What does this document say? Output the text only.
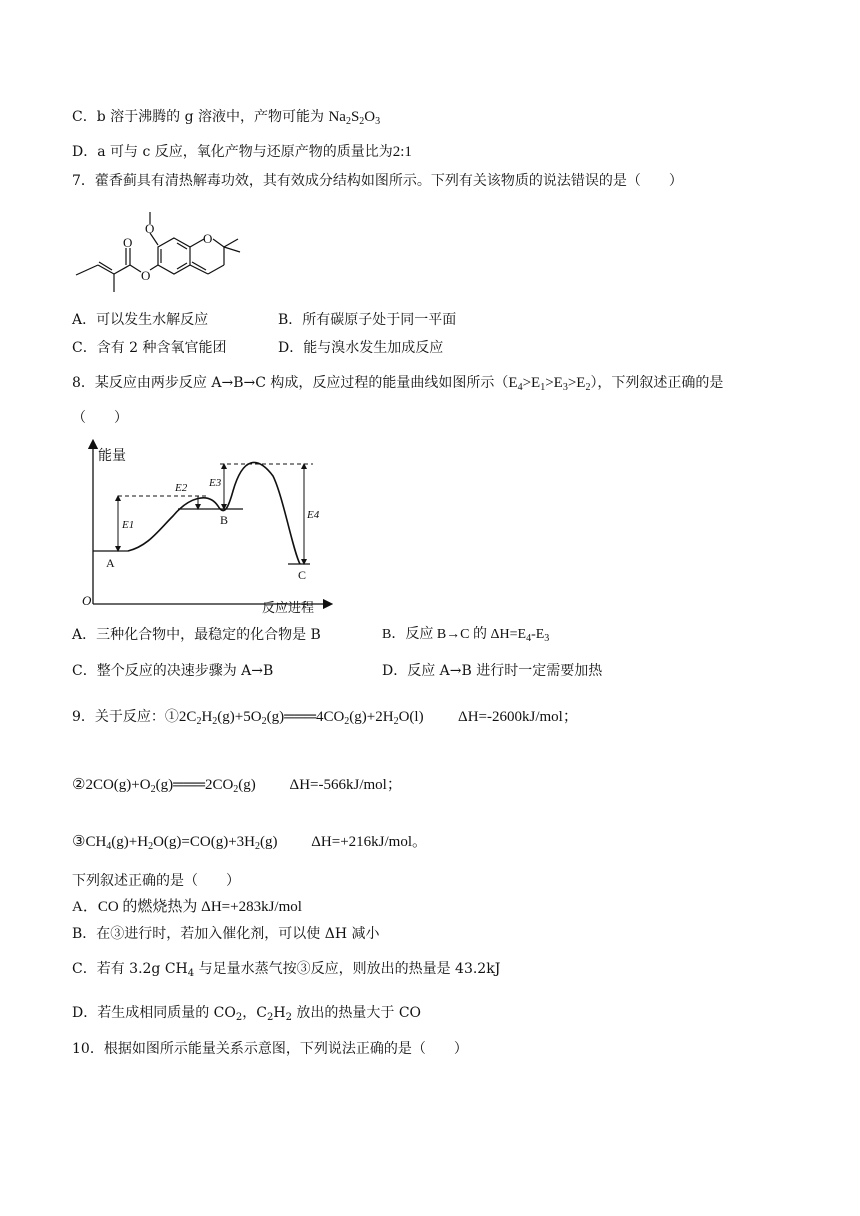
C．b 溶于沸腾的 g 溶液中，产物可能为 $Na_2S_2O_3$
D．a 可与 c 反应，氧化产物与还原产物的质量比为2:1
7．藿香蓟具有清热解毒功效，其有效成分结构如图所示。下列有关该物质的说法错误的是（　　）
O
O
O
O
A．可以发生水解反应	B．所有碳原子处于同一平面
C．含有 2 种含氧官能团	D．能与溴水发生加成反应
8．某反应由两步反应 A→B→C 构成，反应过程的能量曲线如图所示$(E_4>E_1>E_3>E_2)$，下列叙述正确的是
（　　）
能量
反应进程
O
A
B
C
E1
E2 E3
E4
A．三种化合物中，最稳定的化合物是 B	B．反应 B→C 的 $\Delta H=E_4-E_3$
C．整个反应的决速步骤为 A→B	D．反应 A→B 进行时一定需要加热
9．关于反应：$①2C_2H_2(g)+5O_2(g)═══4CO_2(g)+2H_2O(l)$ ΔH=-2600kJ/mol；
$②2CO(g)+O_2(g)═══2CO_2(g)$ ΔH=-566kJ/mol；
$③CH_4(g)+H_2O(g)=CO(g)+3H_2(g)$ ΔH=+216kJ/mol。
下列叙述正确的是（　　）
A．CO 的燃烧热为 ΔH=+283kJ/mol
B．在③进行时，若加入催化剂，可以使 ΔH 减小
C．若有 3.2g $CH_4$ 与足量水蒸气按③反应，则放出的热量是 43.2kJ
D．若生成相同质量的 $CO_2$，$C_2H_2$ 放出的热量大于 CO
10．根据如图所示能量关系示意图，下列说法正确的是（　　）
